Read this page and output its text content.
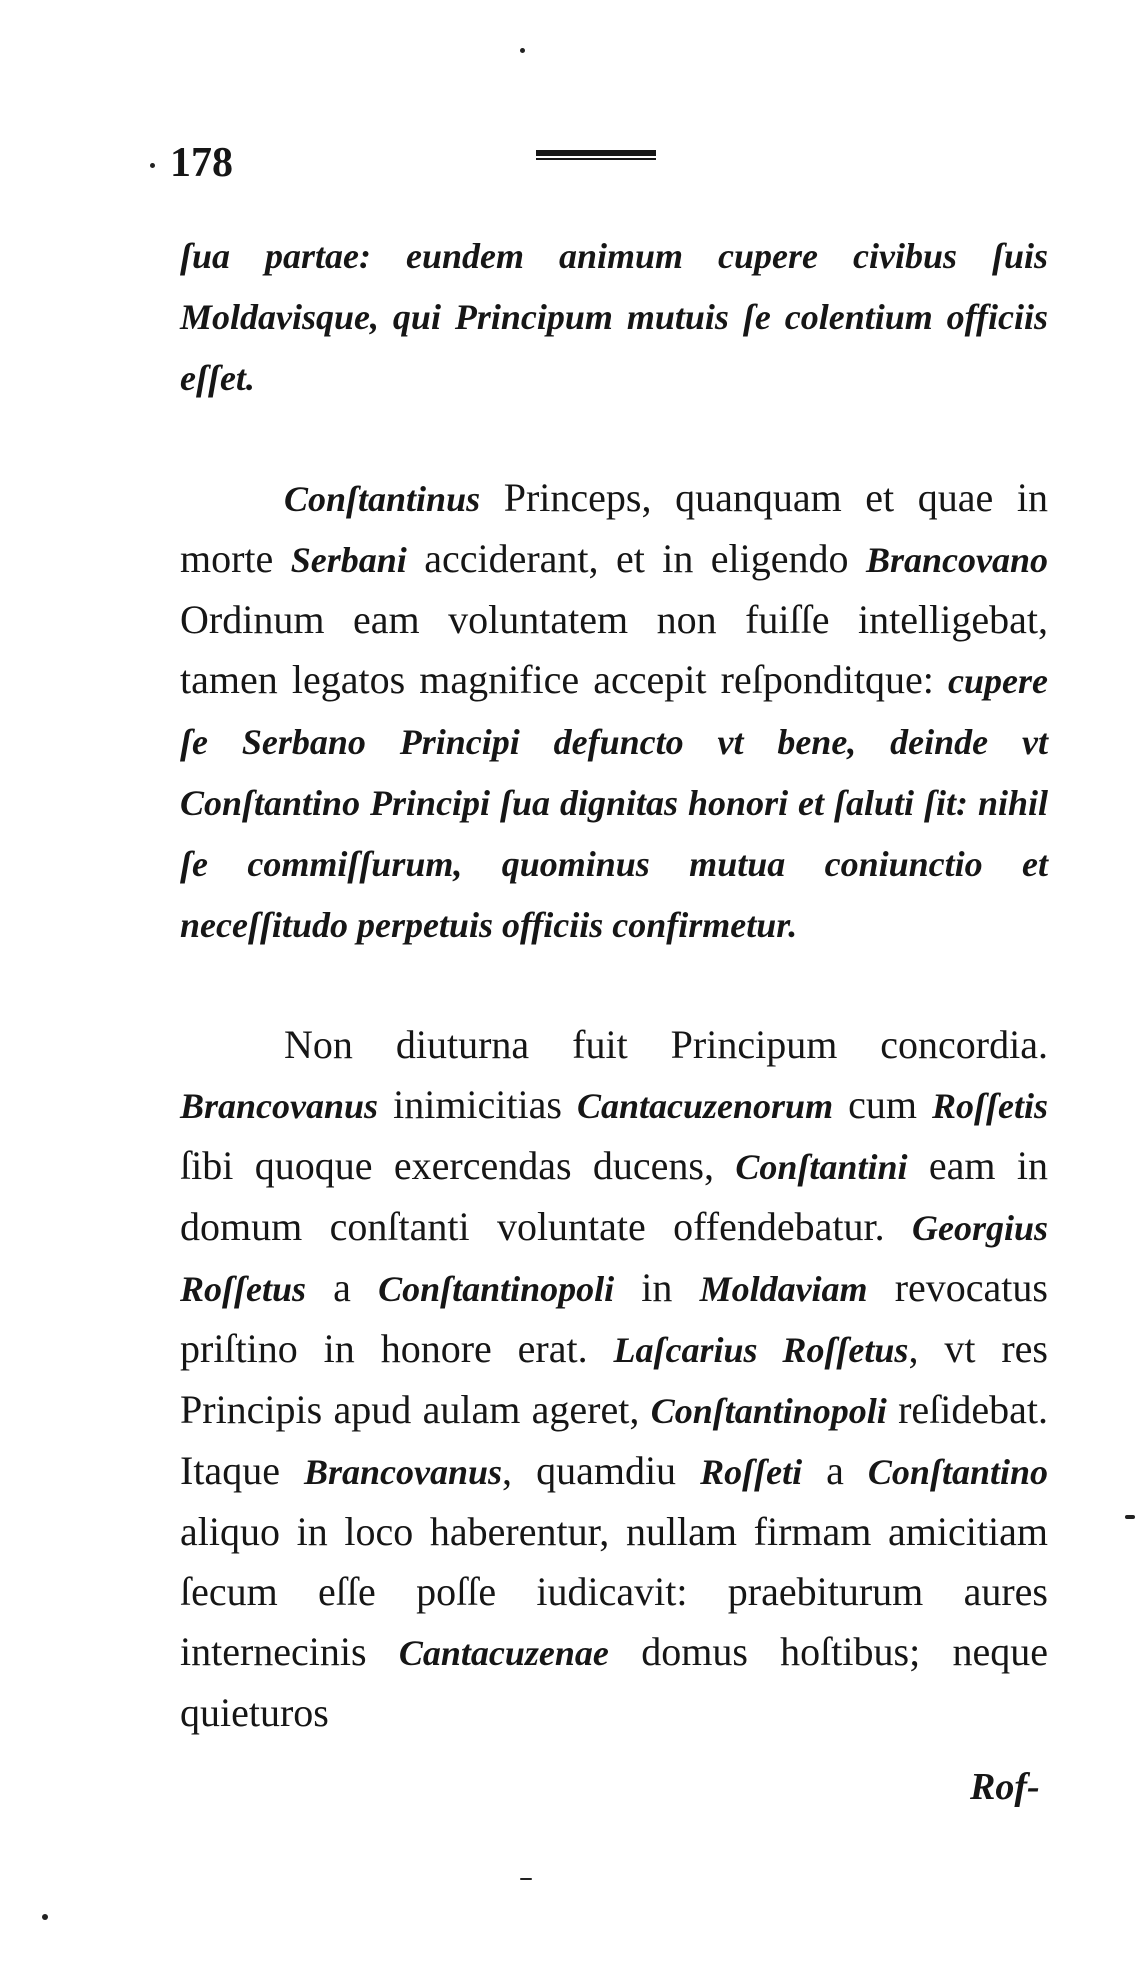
178

ſua partae: eundem animum cupere civibus ſuis Moldavisque, qui Principum mutuis ſe colentium officiis eſſet.

Conſtantinus Princeps, quanquam et quae in morte Serbani acciderant, et in eligendo Brancovano Ordinum eam voluntatem non fuiſſe intelligebat, tamen legatos magnifice accepit reſponditque: cupere ſe Serbano Principi defuncto vt bene, deinde vt Conſtantino Principi ſua dignitas honori et ſaluti ſit: nihil ſe commiſſurum, quominus mutua coniunctio et neceſſitudo perpetuis officiis confirmetur.

Non diuturna fuit Principum concordia. Brancovanus inimicitias Cantacuzenorum cum Roſſetis ſibi quoque exercendas ducens, Conſtantini eam in domum conſtanti voluntate offendebatur. Georgius Roſſetus a Conſtantinopoli in Moldaviam revocatus priſtino in honore erat. Laſcarius Roſſetus, vt res Principis apud aulam ageret, Conſtantinopoli reſidebat. Itaque Brancovanus, quamdiu Roſſeti a Conſtantino aliquo in loco haberentur, nullam firmam amicitiam ſecum eſſe poſſe iudicavit: praebiturum aures internecinis Cantacuzenae domus hoſtibus; neque quieturos

Rof-
